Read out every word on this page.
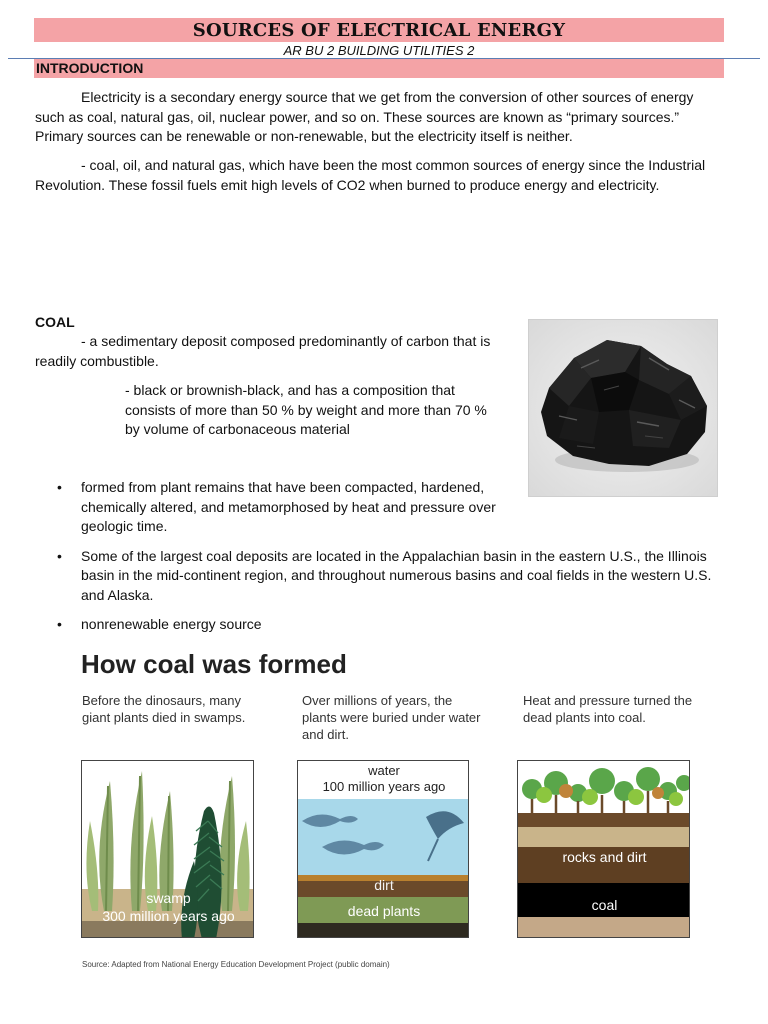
SOURCES OF ELECTRICAL ENERGY
AR BU 2 BUILDING UTILITIES 2
INTRODUCTION
Electricity is a secondary energy source that we get from the conversion of other sources of energy such as coal, natural gas, oil, nuclear power, and so on. These sources are known as “primary sources.” Primary sources can be renewable or non-renewable, but the electricity itself is neither.
- coal, oil, and natural gas, which have been the most common sources of energy since the Industrial Revolution. These fossil fuels emit high levels of CO2 when burned to produce energy and electricity.
COAL
- a sedimentary deposit composed predominantly of carbon that is readily combustible.
- black or brownish-black, and has a composition that consists of more than 50 % by weight and more than 70 % by volume of carbonaceous material
• formed from plant remains that have been compacted, hardened, chemically altered, and metamorphosed by heat and pressure over geologic time.
• Some of the largest coal deposits are located in the Appalachian basin in the eastern U.S., the Illinois basin in the mid-continent region, and throughout numerous basins and coal fields in the western U.S. and Alaska.
• nonrenewable energy source
How coal was formed
Before the dinosaurs, many giant plants died in swamps.
Over millions of years, the plants were buried under water and dirt.
Heat and pressure turned the dead plants into coal.
swamp
300 million years ago
water
100 million years ago
dirt
dead plants
rocks and dirt
coal
Source: Adapted from National Energy Education Development Project (public domain)
